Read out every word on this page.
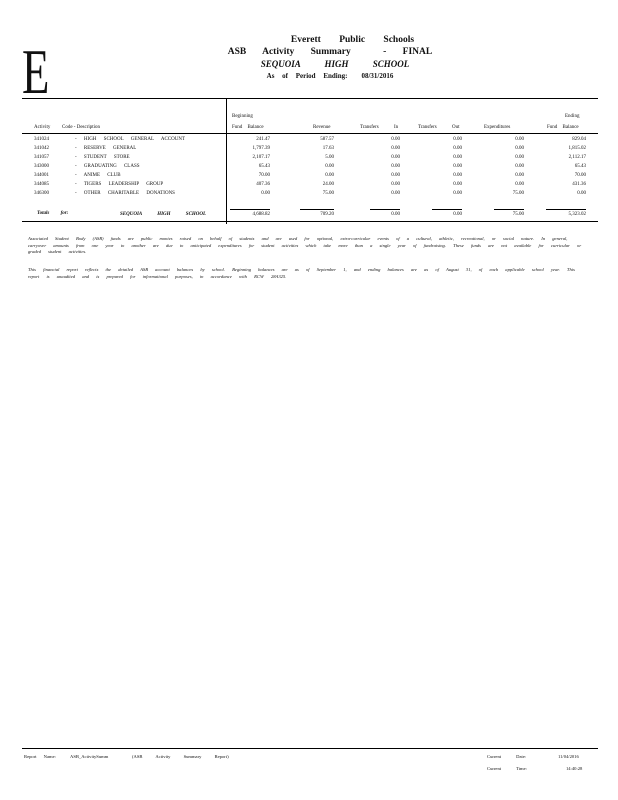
E	Everett Public Schools
ASB Activity Summary	- FINAL
SEQUOIA HIGH SCHOOL
As of Period Ending: 08/31/2016
Activity Code - Description
Beginning
Fund Balance	Revenue	Transfers In	Transfers Out	Expenditures
Ending
Fund Balance
341024	- HIGH SCHOOL GENERAL ACCOUNT	241.47	587.57	0.00	0.00	0.00	829.04
341042	- RESERVE GENERAL	1,797.39	17.63	0.00	0.00	0.00	1,815.02
341057	- STUDENT STORE	2,107.17	5.00	0.00	0.00	0.00	2,112.17
343000	- GRADUATING CLASS	65.43	0.00	0.00	0.00	0.00	65.43
344001	- ANIME CLUB	70.00	0.00	0.00	0.00	0.00	70.00
344085	- TIGERS LEADERSHIP GROUP	407.36	24.00	0.00	0.00	0.00	431.36
346300	- OTHER CHARITABLE DONATIONS	0.00	75.00	0.00	0.00	75.00	0.00
Totals for:	SEQUOIA HIGH SCHOOL	4,688.82	709.20	0.00	0.00	75.00	5,323.02
Associated Student Body (ASB) funds are public monies raised on behalf of students and are used for optional, extra-curricular events of a cultural, athletic, recreational, or social nature. In general, carryover amounts from one year to another are due to anticipated expenditures for student activities which take more than a single year of fundraising. These funds are not available for curricular or graded student activities.
This financial report reflects the detailed ASB account balances by school. Beginning balances are as of September 1, and ending balances are as of August 31, of each applicable school year. This report is unaudited and is prepared for informational purposes, in accordance with RCW 28A325.
Report Name:	ASB_ActivitySumm	(ASB Activity Summary Report)	Current Date:	11/04/2016
Current Time:	14:40:28
